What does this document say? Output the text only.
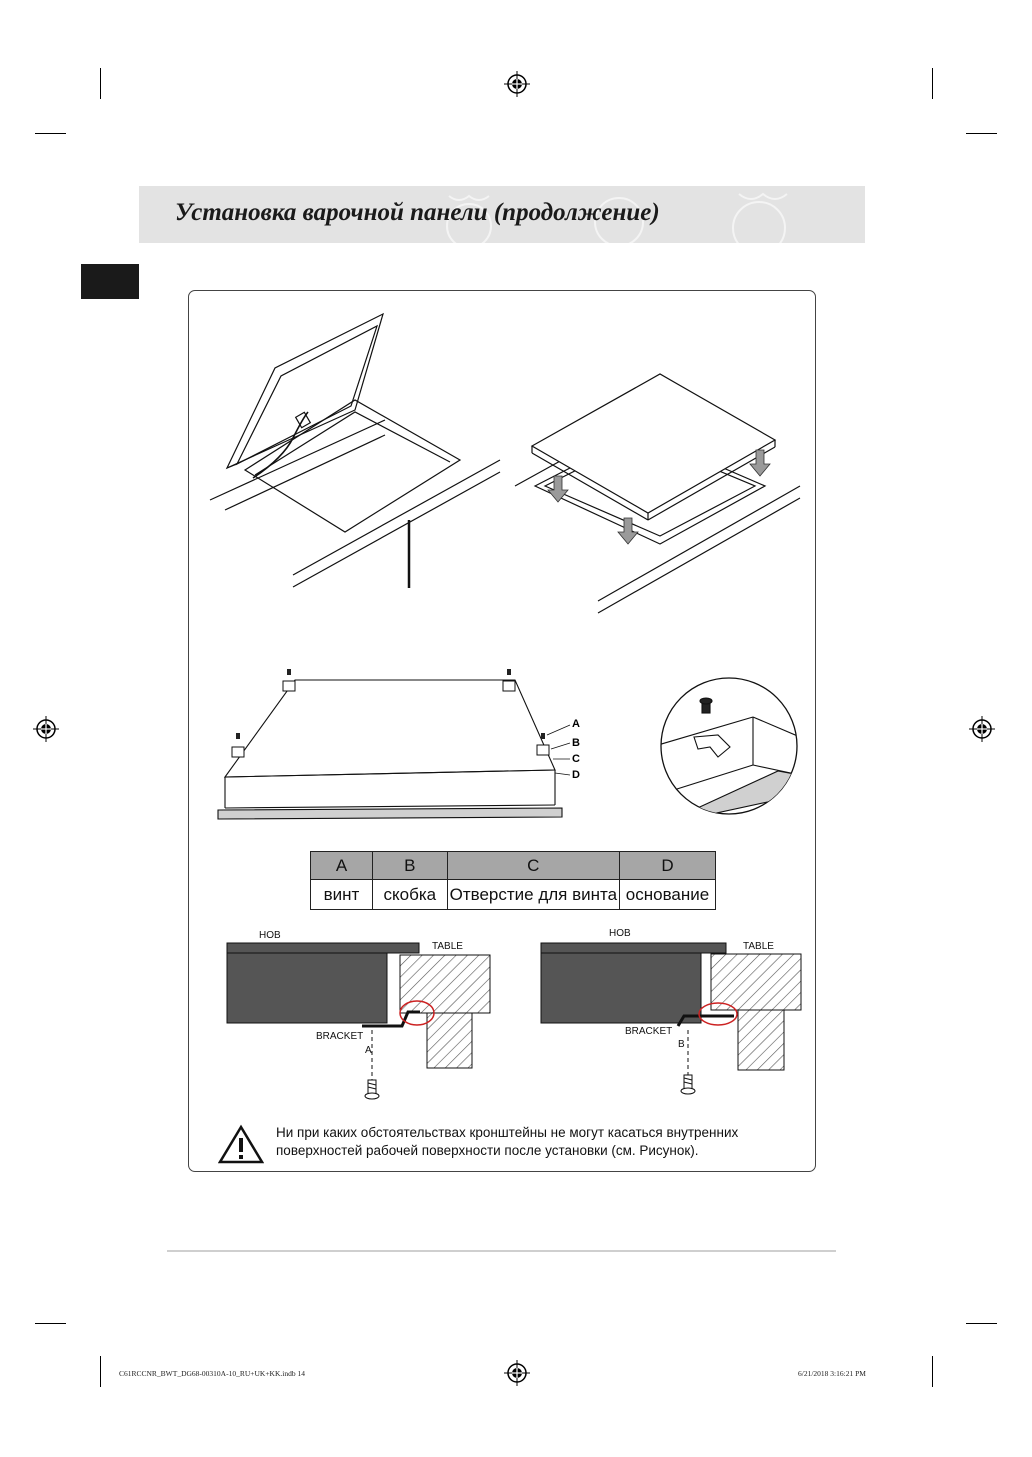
Установка варочной панели (продолжение)
A
B
C
D
A	B	C	D
винт	скобка	Отверстие для винта	основание
HOB
TABLE
BRACKET
A
HOB
TABLE
BRACKET
B
Ни при каких обстоятельствах кронштейны не могут касаться внутренних поверхностей рабочей поверхности после установки (см. Рисунок).
C61RCCNR_BWT_DG68-00310A-10_RU+UK+KK.indb 14	6/21/2018 3:16:21 PM
